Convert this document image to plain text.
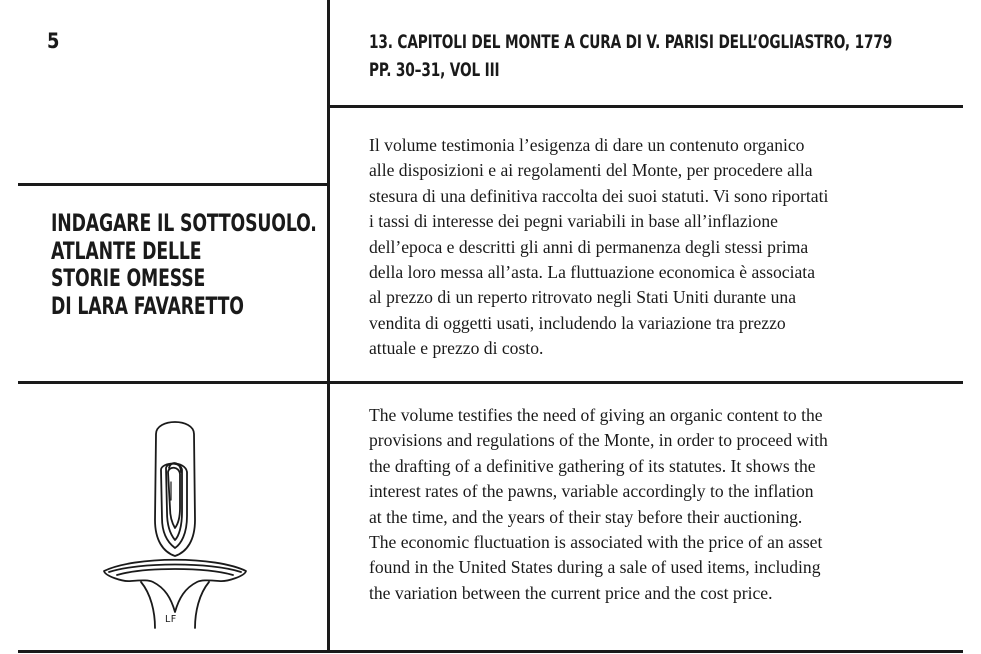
5	13. CAPITOLI DEL MONTE A CURA DI V. PARISI DELL’OGLIASTRO, 1779
PP. 30–31, VOL III
INDAGARE IL SOTTOSUOLO.
ATLANTE DELLE
STORIE OMESSE
DI LARA FAVARETTO
Il volume testimonia l’esigenza di dare un contenuto organico
alle disposizioni e ai regolamenti del Monte, per procedere alla
stesura di una definitiva raccolta dei suoi statuti. Vi sono riportati
i tassi di interesse dei pegni variabili in base all’inflazione
dell’epoca e descritti gli anni di permanenza degli stessi prima
della loro messa all’asta. La fluttuazione economica è associata
al prezzo di un reperto ritrovato negli Stati Uniti durante una
vendita di oggetti usati, includendo la variazione tra prezzo
attuale e prezzo di costo.
The volume testifies the need of giving an organic content to the
provisions and regulations of the Monte, in order to proceed with
the drafting of a definitive gathering of its statutes. It shows the
interest rates of the pawns, variable accordingly to the inflation
at the time, and the years of their stay before their auctioning.
The economic fluctuation is associated with the price of an asset
found in the United States during a sale of used items, including
the variation between the current price and the cost price.
LF
